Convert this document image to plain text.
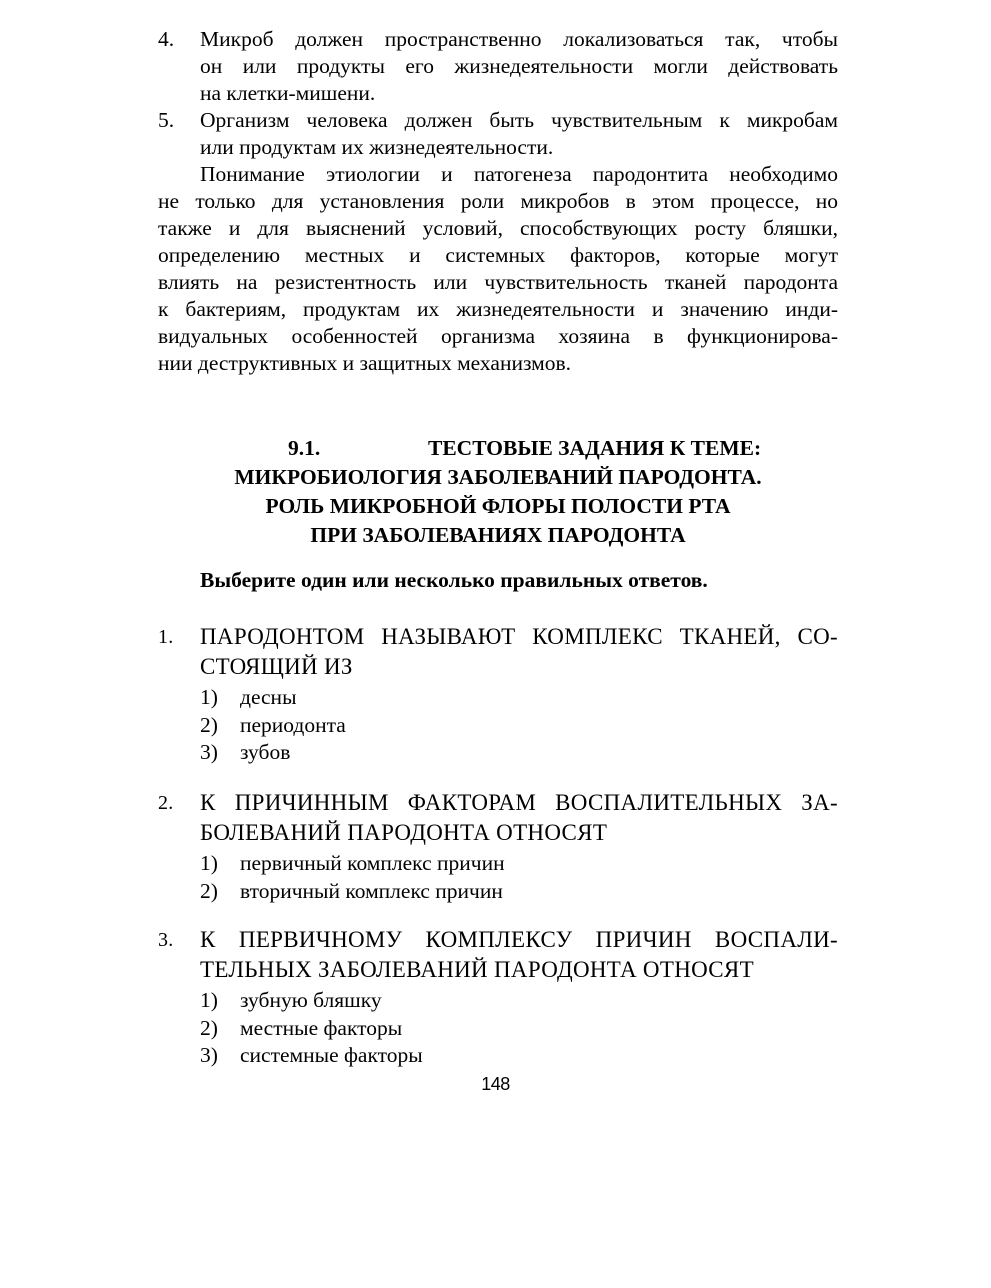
4. Микроб должен пространственно локализоваться так, чтобы
он или продукты его жизнедеятельности могли действовать
на клетки-мишени.
5. Организм человека должен быть чувствительным к микробам
или продуктам их жизнедеятельности.
Понимание этиологии и патогенеза пародонтита необходимо
не только для установления роли микробов в этом процессе, но
также и для выяснений условий, способствующих росту бляшки,
определению местных и системных факторов, которые могут
влиять на резистентность или чувствительность тканей пародонта
к бактериям, продуктам их жизнедеятельности и значению инди-
видуальных особенностей организма хозяина в функционирова-
нии деструктивных и защитных механизмов.
9.1.	ТЕСТОВЫЕ ЗАДАНИЯ К ТЕМЕ:
МИКРОБИОЛОГИЯ ЗАБОЛЕВАНИЙ ПАРОДОНТА.
РОЛЬ МИКРОБНОЙ ФЛОРЫ ПОЛОСТИ РТА
ПРИ ЗАБОЛЕВАНИЯХ ПАРОДОНТА
Выберите один или несколько правильных ответов.
1. ПАРОДОНТОМ НАЗЫВАЮТ КОМПЛЕКС ТКАНЕЙ, СО-
СТОЯЩИЙ ИЗ
1) десны
2) периодонта
3) зубов
2. К ПРИЧИННЫМ ФАКТОРАМ ВОСПАЛИТЕЛЬНЫХ ЗА-
БОЛЕВАНИЙ ПАРОДОНТА ОТНОСЯТ
1) первичный комплекс причин
2) вторичный комплекс причин
3. К ПЕРВИЧНОМУ КОМПЛЕКСУ ПРИЧИН ВОСПАЛИ-
ТЕЛЬНЫХ ЗАБОЛЕВАНИЙ ПАРОДОНТА ОТНОСЯТ
1) зубную бляшку
2) местные факторы
3) системные факторы
148
